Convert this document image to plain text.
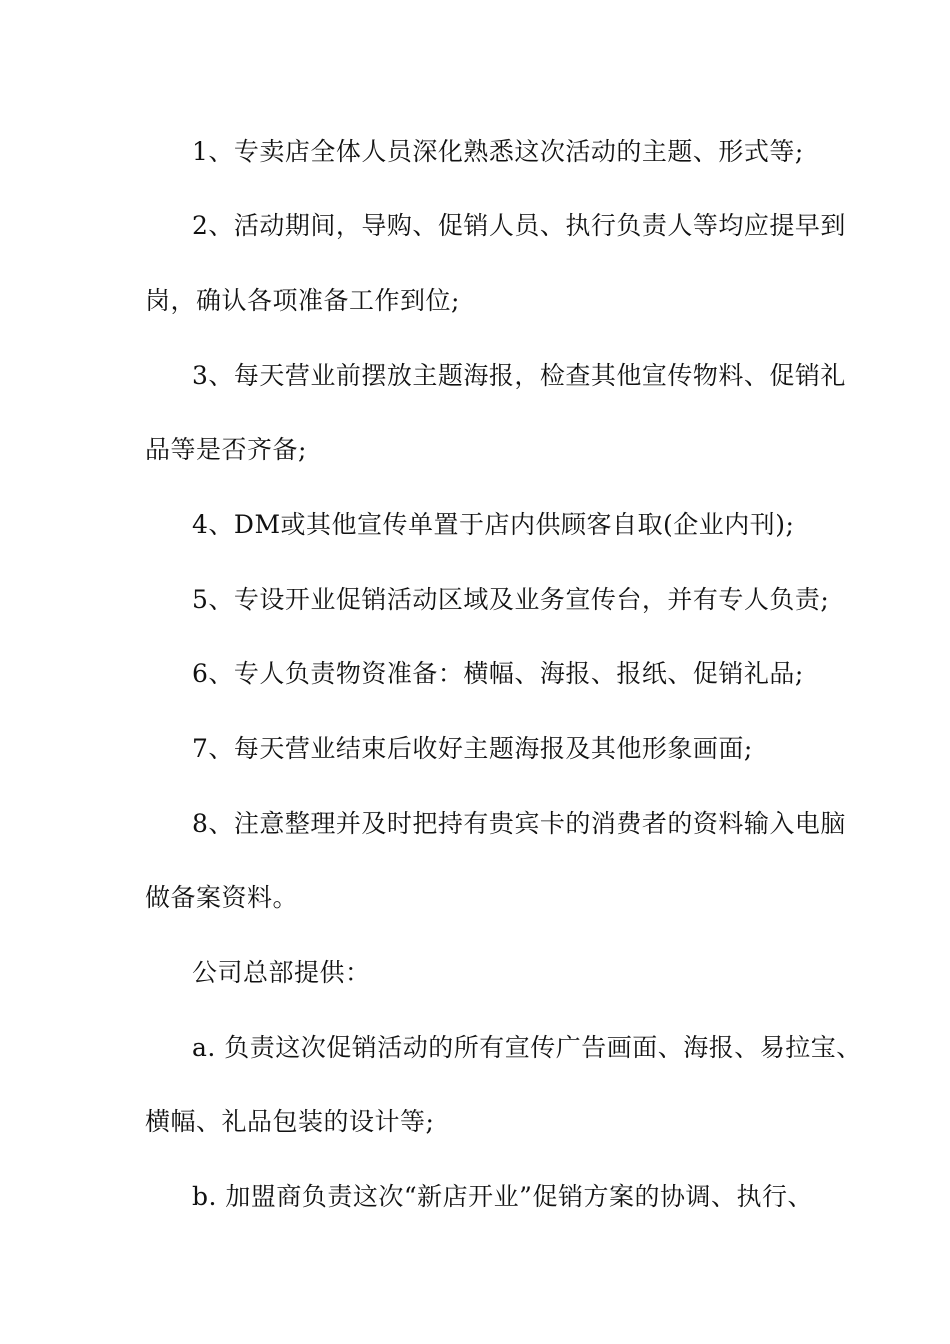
1、专卖店全体人员深化熟悉这次活动的主题、形式等;
2、活动期间，导购、促销人员、执行负责人等均应提早到
岗，确认各项准备工作到位;
3、每天营业前摆放主题海报，检查其他宣传物料、促销礼
品等是否齐备;
4、DM或其他宣传单置于店内供顾客自取(企业内刊);
5、专设开业促销活动区域及业务宣传台，并有专人负责;
6、专人负责物资准备：横幅、海报、报纸、促销礼品;
7、每天营业结束后收好主题海报及其他形象画面;
8、注意整理并及时把持有贵宾卡的消费者的资料输入电脑
做备案资料。
公司总部提供：
a. 负责这次促销活动的所有宣传广告画面、海报、易拉宝、
横幅、礼品包装的设计等;
b. 加盟商负责这次“新店开业”促销方案的协调、执行、
